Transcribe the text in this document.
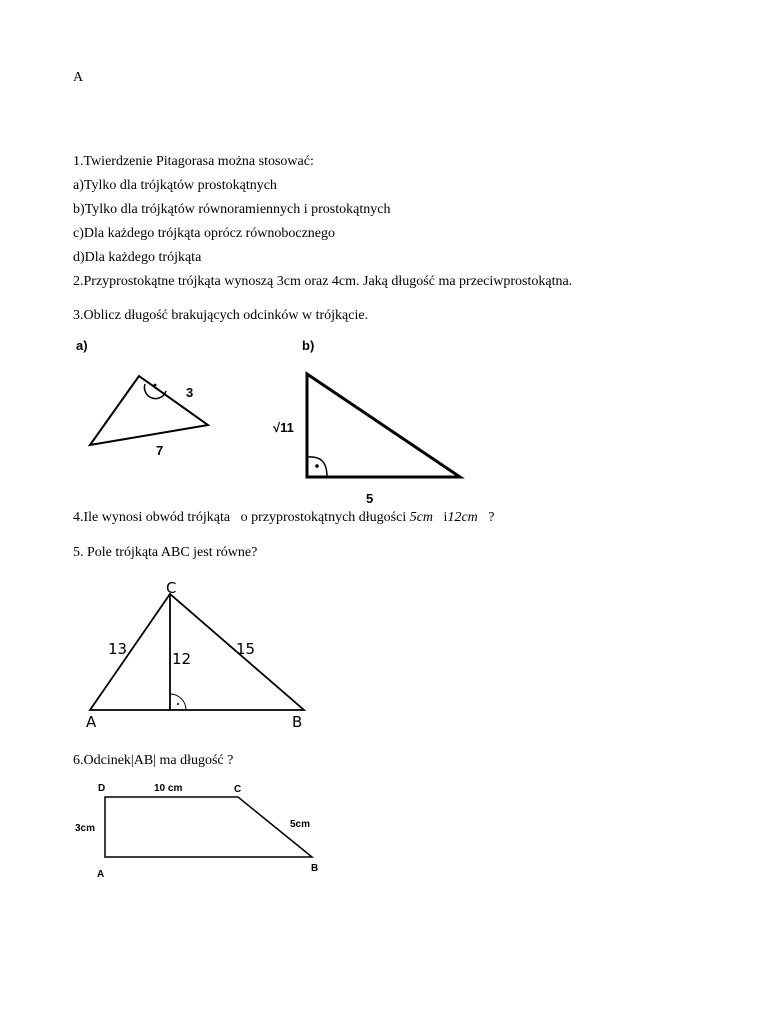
A
1.Twierdzenie Pitagorasa można stosować:
a)Tylko dla trójkątów prostokątnych
b)Tylko dla trójkątów równoramiennych i prostokątnych
c)Dla każdego trójkąta oprócz równobocznego
d)Dla każdego trójkąta
2.Przyprostokątne trójkąta wynoszą 3cm oraz 4cm. Jaką długość ma przeciwprostokątna.
3.Oblicz długość brakujących odcinków w trójkącie.
a)
3
7
b)
√11
5
4.Ile wynosi obwód trójkąta   o przyprostokątnych długości 5cm   i12cm   ?
5. Pole trójkąta ABC jest równe?
C
A	B
13	15
12
6.Odcinek|AB| ma długość ?
D	10 cm	C
5cm
3cm
A
B
